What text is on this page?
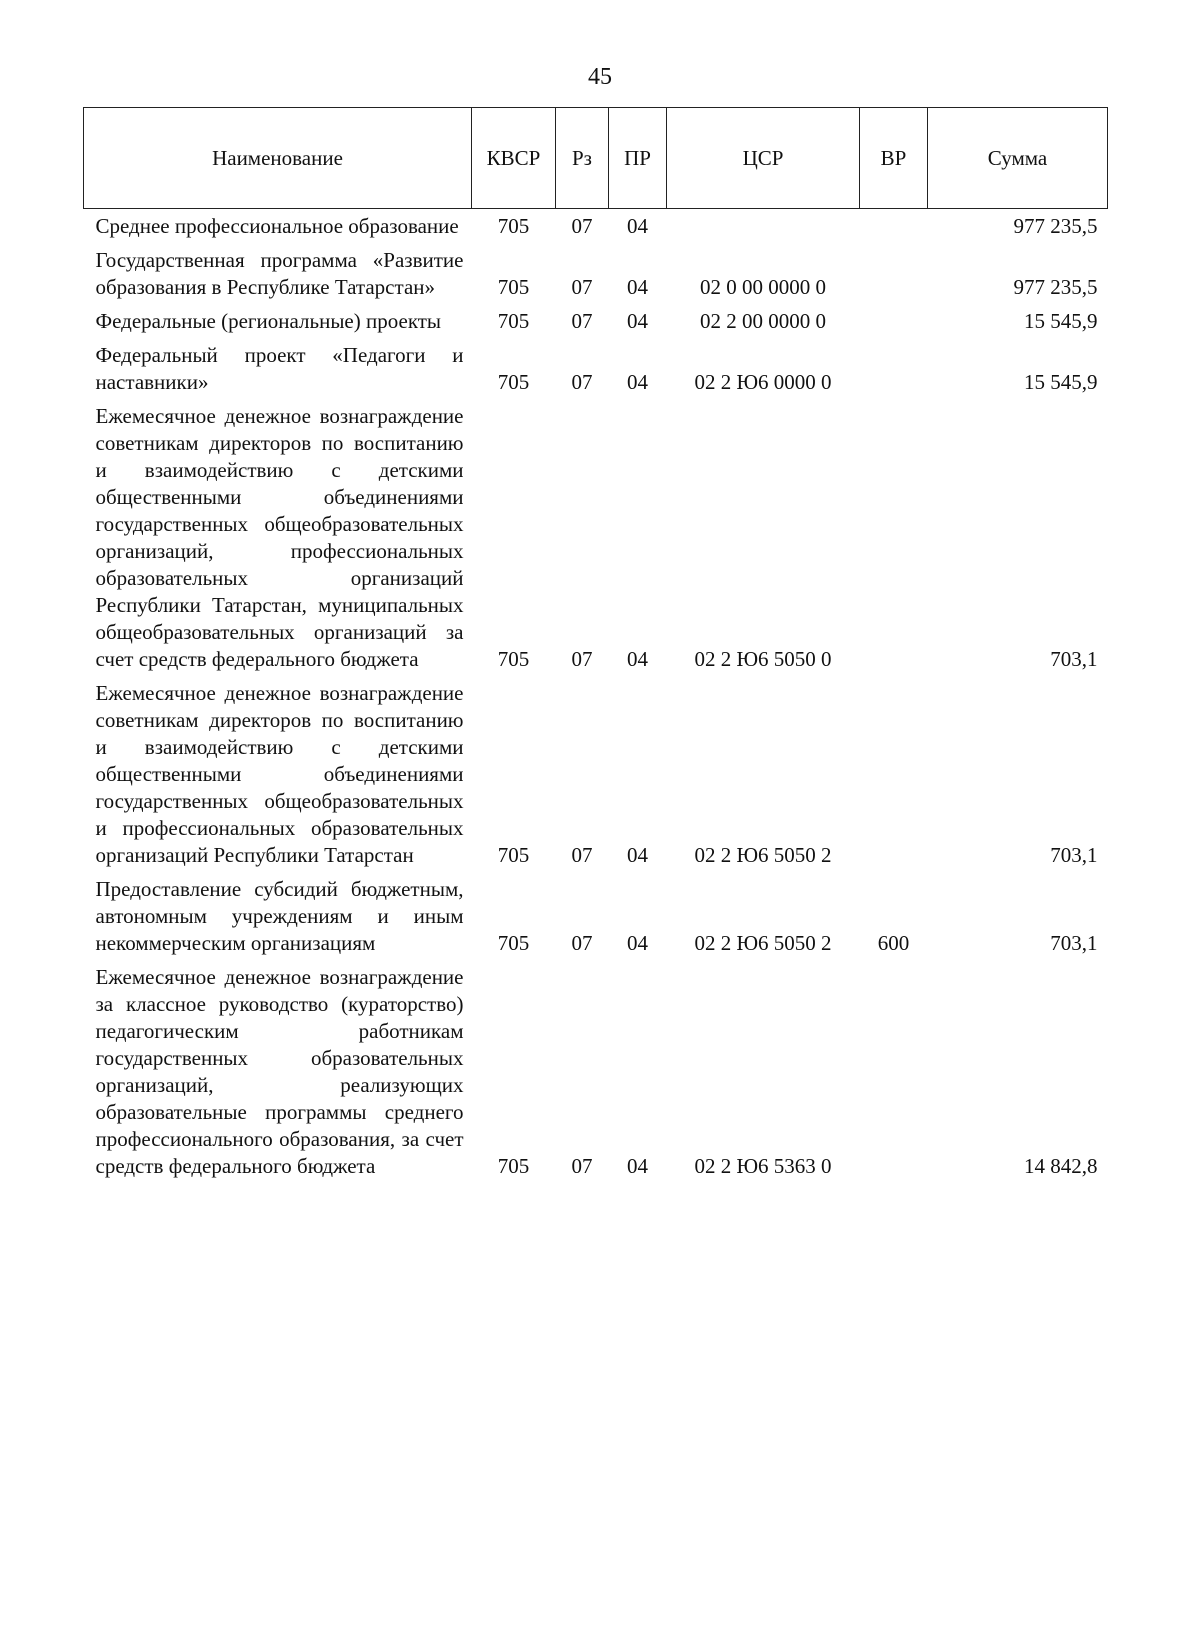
45
Наименование	КВСР	Рз	ПР	ЦСР	ВР	Сумма
Среднее профессиональное образование	705	07	04			977 235,5
Государственная программа «Развитие образования в Республике Татарстан»	705	07	04	02 0 00 0000 0		977 235,5
Федеральные (региональные) проекты	705	07	04	02 2 00 0000 0		15 545,9
Федеральный проект «Педагоги и наставники»	705	07	04	02 2 Ю6 0000 0		15 545,9
Ежемесячное денежное вознаграждение советникам директоров по воспитанию и взаимодействию с детскими общественными объединениями государственных общеобразовательных организаций, профессиональных образовательных организаций Республики Татарстан, муниципальных общеобразовательных организаций за счет средств федерального бюджета	705	07	04	02 2 Ю6 5050 0		703,1
Ежемесячное денежное вознаграждение советникам директоров по воспитанию и взаимодействию с детскими общественными объединениями государственных общеобразовательных и профессиональных образовательных организаций Республики Татарстан	705	07	04	02 2 Ю6 5050 2		703,1
Предоставление субсидий бюджетным, автономным учреждениям и иным некоммерческим организациям	705	07	04	02 2 Ю6 5050 2	600	703,1
Ежемесячное денежное вознаграждение за классное руководство (кураторство) педагогическим работникам государственных образовательных организаций, реализующих образовательные программы среднего профессионального образования, за счет средств федерального бюджета	705	07	04	02 2 Ю6 5363 0		14 842,8
